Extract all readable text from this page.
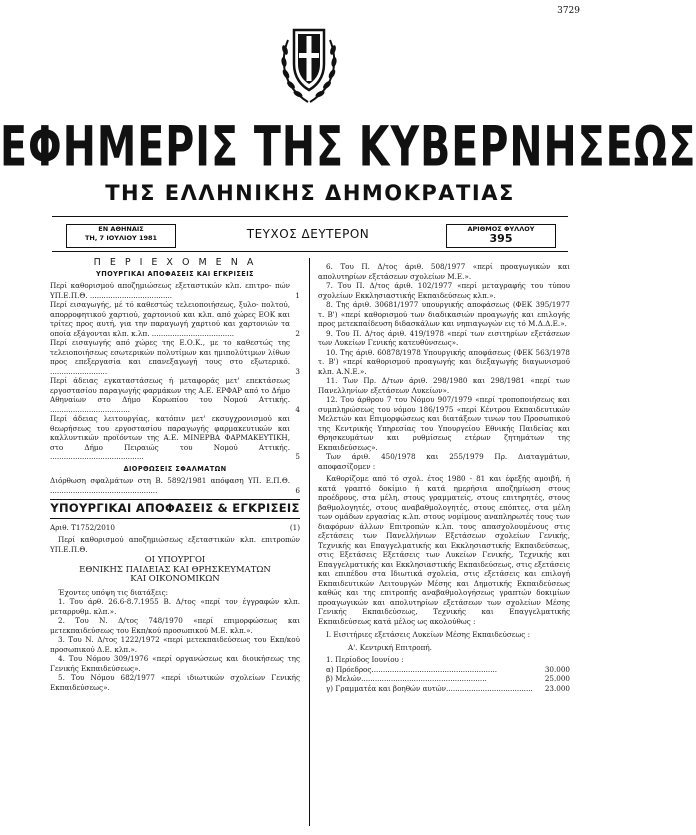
3729
ΕΦΗΜΕΡΙΣ ΤΗΣ ΚΥΒΕΡΝΗΣΕΩΣ
ΤΗΣ ΕΛΛΗΝΙΚΗΣ ΔΗΜΟΚΡΑΤΙΑΣ
ΕΝ ΑΘΗΝΑΙΣ
ΤΗ, 7 ΙΟΥΛΙΟΥ 1981	ΤΕΥΧΟΣ ΔΕΥΤΕΡΟΝ	ΑΡΙΘΜΟΣ ΦΥΛΛΟΥ
395
Π Ε Ρ Ι Ε Χ Ο Μ Ε Ν Α
ΥΠΟΥΡΓΙΚΑΙ ΑΠΟΦΑΣΕΙΣ ΚΑΙ ΕΓΚΡΙΣΕΙΣ

Περί καθορισμού αποζημιώσεως εξεταστικών κλπ. επιτρο- πών ΥΠ.Ε.Π.Θ. ....................................	1

Περί εισαγωγής, μέ τό καθεστώς τελειοποιήσεως, ξυλο- πολτού, απορροφητικού χαρτιού, χαρτονιού και κλπ. από χώρες ΕΟΚ και τρίτες προς αυτή, για την παραγωγή χαρτιού και χαρτονιών τα οποία εξάγονται κλπ. κ.λπ. ....................................	2

Περί εισαγωγής από χώρες της Ε.Ο.Κ., με το καθεστώς της τελειοποιήσεως εσωτερικών πολυτίμων και ημιπολύτιμων λίθων προς επεξεργασία και επανεξαγωγή τους στο εξωτερικό. .........................	3

Περί άδειας εγκαταστάσεως ή μεταφοράς μετ' επεκτάσεως εργοστασίου παραγωγής φαρμάκων της Α.Ε. ΕΡΦΑΡ από το Δήμο Αθηναίων στο Δήμο Κορωπίου του Νομού Αττικής. ...................................	4

Περί άδειας λειτουργίας, κατόπιν μετ' εκσυγχρονισμού και θεωρήσεως του εργοστασίου παραγωγής φαρμακευτικών και καλλυντικών προϊόντων της Α.Ε. ΜΙΝΕΡΒΑ ΦΑΡΜΑΚΕΥΤΙΚΗ, στο Δήμο Πειραιώς του Νομού Αττικής. .........................................	5
ΔΙΟΡΘΩΣΕΙΣ ΣΦΑΛΜΑΤΩΝ

Διόρθωση σφαλμάτων στη Β. 5892/1981 απόφαση ΥΠ. Ε.Π.Θ. ...............................................	6
ΥΠΟΥΡΓΙΚΑΙ ΑΠΟΦΑΣΕΙΣ & ΕΓΚΡΙΣΕΙΣ
Αριθ. Τ1752/2010	(1)

Περί καθορισμού αποζημιώσεως εξεταστικών κλπ. επιτροπών ΥΠ.Ε.Π.Θ.

ΟΙ ΥΠΟΥΡΓΟΙ

ΕΘΝΙΚΗΣ ΠΑΙΔΕΙΑΣ ΚΑΙ ΘΡΗΣΚΕΥΜΑΤΩΝ

ΚΑΙ ΟΙΚΟΝΟΜΙΚΩΝ

Έχοντες υπόψη τις διατάξεις:

1. Του άρθ. 26.6-8.7.1955 Β. Δ/τος «περί τον έγγραφών κλπ. μεταρρυθμ. κλπ.».

2. Του Ν. Δ/τος 748/1970 «περί επιμορφώσεως και μετεκπαιδεύσεως του Εκπ/κού προσωπικού Μ.Ε. κλπ.».

3. Του Ν. Δ/τος 1222/1972 «περί μετεκπαιδεύσεως του Εκπ/κού προσωπικού Δ.Ε. κλπ.».

4. Του Νόμου 309/1976 «περί οργανώσεως και διοικήσεως της Γενικής Εκπαιδεύσεως».

5. Του Νόμου 682/1977 «περί ιδιωτικών σχολείων Γενικής Εκπαιδεύσεως».

6. Του Π. Δ/τος άριθ. 508/1977 «περί προαγωγικών και απολυτηρίων εξετάσεων σχολείων Μ.Ε.».

7. Του Π. Δ/τος άριθ. 102/1977 «περί μεταγραφής του τύπου σχολείων Εκκλησιαστικής Εκπαιδεύσεως κλπ.».

8. Της άριθ. 30681/1977 υπουργικής αποφάσεως (ΦΕΚ 395/1977 τ. Β') «περί καθορισμού των διαδικασιών προαγωγής και επιλογής προς μετεκπαίδευση διδασκάλων και νηπιαγωγών εις τό Μ.Δ.Δ.Ε.».

9. Του Π. Δ/τος άριθ. 419/1978 «περί των εισιτηρίων εξετάσεων των Λυκείων Γενικής κατευθύνσεως».

10. Της άριθ. 60878/1978 Υπουργικής αποφάσεως (ΦΕΚ 563/1978 τ. Β') «περί καθορισμού προαγωγής και διεξαγωγής διαγωνισμού κλπ. Α.Ν.Ε.».

11. Των Πρ. Δ/των άριθ. 298/1980 και 298/1981 «περί των Πανελληνίων εξετάσεων Λυκείων».

12. Του άρθρου 7 του Νόμου 907/1979 «περί τροποποιήσεως και συμπληρώσεως του νόμου 186/1975 «περί Κέντρου Εκπαιδευτικών Μελετών και Επιμορφώσεως και διατάξεων τινων του Προσωπικού της Κεντρικής Υπηρεσίας του Υπουργείου Εθνικής Παιδείας και Θρησκευμάτων και ρυθμίσεως ετέρων ζητημάτων της Εκπαιδεύσεως».

Των άριθ. 450/1978 και 255/1979 Πρ. Διαταγμάτων, αποφασίζομεν :

Καθορίζομε από τό σχολ. έτος 1980 - 81 και έφεξής αμοιβή, ή κατά γραπτό δοκίμιο ή κατά ημερήσια αποζημίωση στους προέδρους, στα μέλη, στους γραμματείς, στους επιτηρητές, στους βαθμολογητές, στους αναβαθμολογητές, στους επόπτες, στα μέλη των ομάδων εργασίας κ.λπ. στους νομίμους αναπληρωτές τους των διαφόρων άλλων Επιτροπών κ.λπ. τους απασχολουμένους στις εξετάσεις των Πανελλήνιων Εξετάσεων σχολείων Γενικής, Τεχνικής και Επαγγελματικής και Εκκλησιαστικής Εκπαιδεύσεως, στις Εξετάσεις Εξετάσεις των Λυκείων Γενικής, Τεχνικής και Επαγγελματικής και Εκκλησιαστικής Εκπαιδεύσεως, στις εξετάσεις και επιπέδου στα Ιδιωτικά σχολεία, στις εξετάσεις και επιλογή Εκπαιδευτικών Λειτουργών Μέσης και Δημοτικής Εκπαιδεύσεως καθώς και της επιτροπής αναβαθμολογήσεως γραπτών δοκιμίων προαγωγικών και απολυτηρίων εξετάσεων των σχολείων Μέσης Γενικής Εκπαιδεύσεως, Τεχνικής και Επαγγελματικής Εκπαιδεύσεως κατά μέλος ως ακολούθως :

I. Εισιτήριες εξετάσεις Λυκείων Μέσης Εκπαιδεύσεως :

Α'. Κεντρική Επιτροπή.

1. Περίοδος Ιουνίου :

α) Πρόεδρος .......................................................	30.000
β) Μελών .......................................................	25.000
γ) Γραμματέα και βοηθών αυτών ......................................	23.000
